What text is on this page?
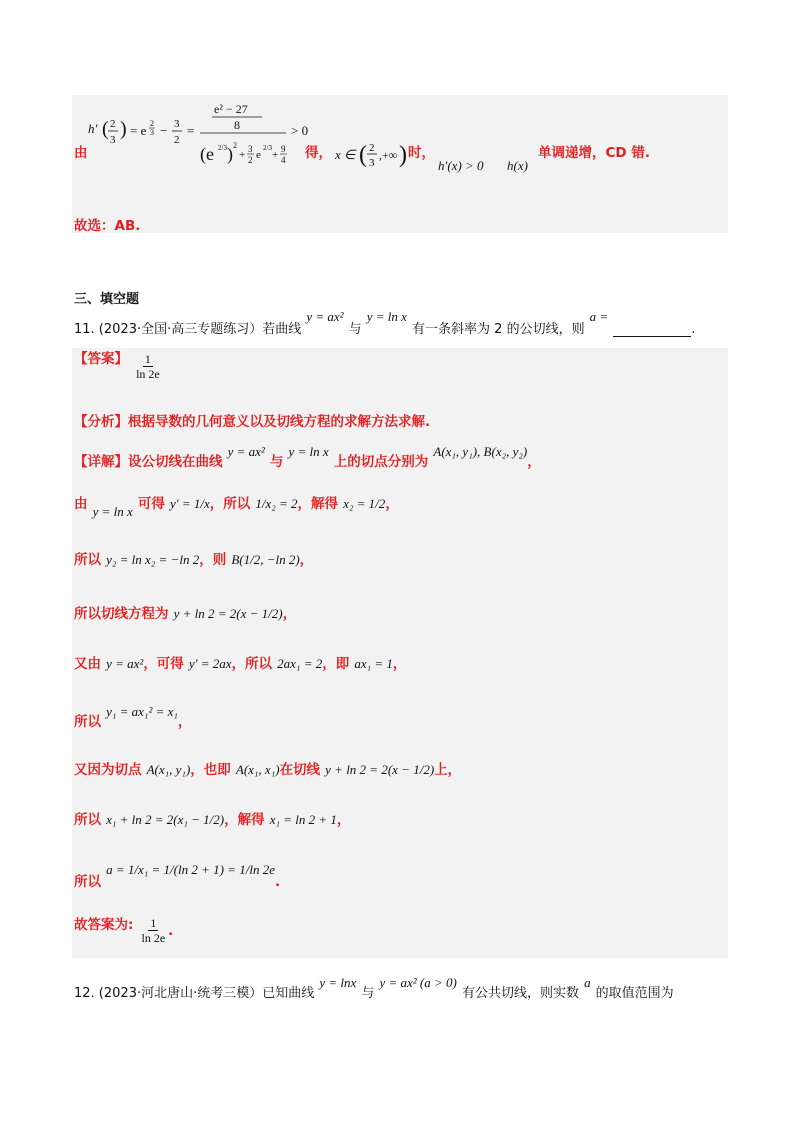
h′ ( 2
3 ) = e 2
3 − 3
2
=
e² − 27
8
(e 2/3 ) 2
+ 3
2 e
2/3
+ 9
4
> 0
由	得， x ∈ ( 2
3
,+∞ ) 时，
h′(x) > 0 h(x)
单调递增，CD 错.
故选：AB.
三、填空题
$_{11. (2023\cdot 全国\cdot 高三专题练习)若曲线}$ $^{y = ax^2}$ $_与$ $^{y = ln x}$ $_{有一条斜率为 2 的公切线,则}$ $^{a =}$ $_.$
$^{【答案】} \frac{1}{\ln 2e}$
【分析】根据导数的几何意义以及切线方程的求解方法求解.
$_{【详解】设公切线在曲线}$ y = ax² $_与$ y = ln x $_{上的切点分别为}$ A(x₁, y₁), B(x₂, $y_2)_,$
由 $_{y = ln x}$ 可得 y′ = 1/x，所以 1/x₂ = 2，解得 x₂ = 1/2，
所以 y₂ = ln x₂ = −ln 2，则 B(1/2, −ln 2)，
所以切线方程为 y + ln 2 = 2(x − 1/2)，
又由 y = ax²，可得 y′ = 2ax，所以 2ax₁ = 2，即 ax₁ = 1，
$_{所以}$ $y_1 = ax_1^2 = x_1_,$
又因为切点 A(x₁, y₁)，也即 A(x₁, x₁)在切线 y + ln 2 = 2(x − 1/2)上，
所以 x₁ + ln 2 = 2(x₁ − 1/2)，解得 x₁ = ln 2 + 1，
$_{所以}$ a = 1/x₁ = 1/(ln 2 + 1) = 1/ln $2e_.$
$^{故答案为:} \frac{1}{\ln 2e}$ .
$_{12. (2023\cdot 河北唐山\cdot 统考三模)已知曲线}$ y = lnx $_与$ y = ax² (a > 0) $_{有公共切线,则实数}$ a $_{的取值范围为}$
